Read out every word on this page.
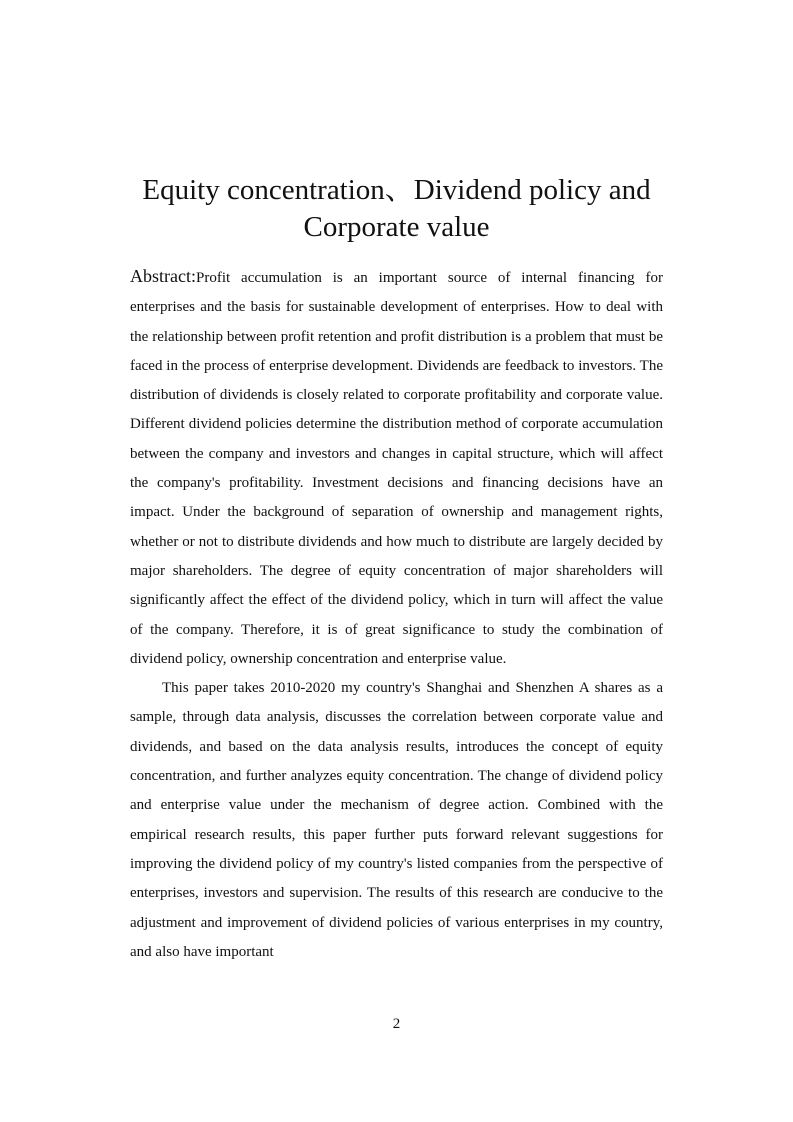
Equity concentration、Dividend policy and
Corporate value

Abstract:Profit accumulation is an important source of internal financing for enterprises and the basis for sustainable development of enterprises. How to deal with the relationship between profit retention and profit distribution is a problem that must be faced in the process of enterprise development. Dividends are feedback to investors. The distribution of dividends is closely related to corporate profitability and corporate value. Different dividend policies determine the distribution method of corporate accumulation between the company and investors and changes in capital structure, which will affect the company's profitability. Investment decisions and financing decisions have an impact. Under the background of separation of ownership and management rights, whether or not to distribute dividends and how much to distribute are largely decided by major shareholders. The degree of equity concentration of major shareholders will significantly affect the effect of the dividend policy, which in turn will affect the value of the company. Therefore, it is of great significance to study the combination of dividend policy, ownership concentration and enterprise value.

This paper takes 2010-2020 my country's Shanghai and Shenzhen A shares as a sample, through data analysis, discusses the correlation between corporate value and dividends, and based on the data analysis results, introduces the concept of equity concentration, and further analyzes equity concentration. The change of dividend policy and enterprise value under the mechanism of degree action. Combined with the empirical research results, this paper further puts forward relevant suggestions for improving the dividend policy of my country's listed companies from the perspective of enterprises, investors and supervision. The results of this research are conducive to the adjustment and improvement of dividend policies of various enterprises in my country, and also have important

2
